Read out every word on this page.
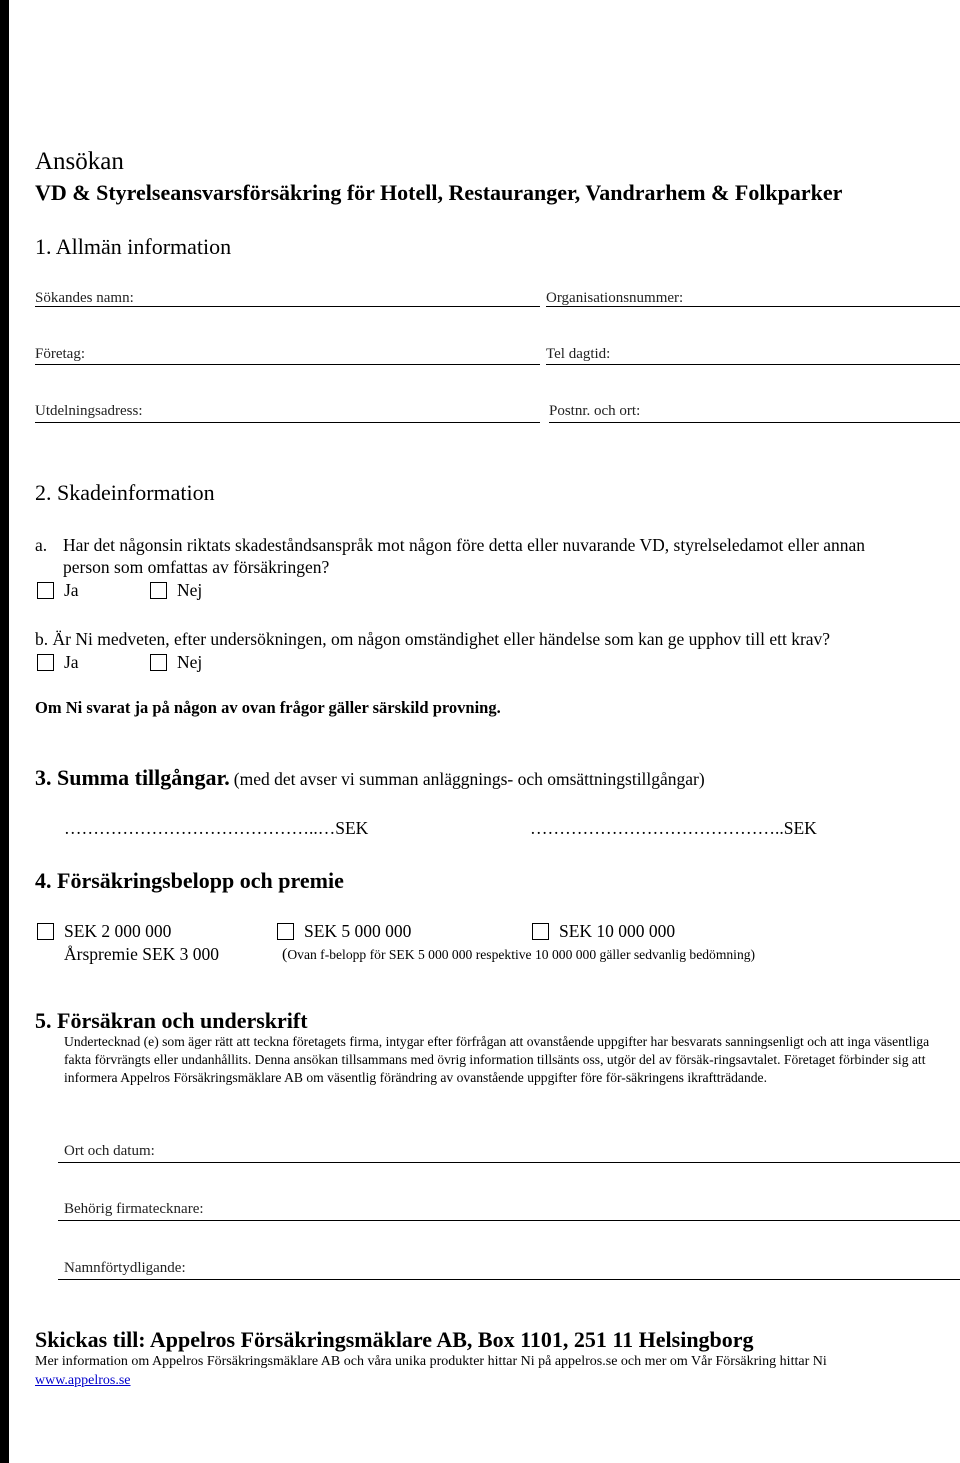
Ansökan
VD & Styrelseansvarsförsäkring för Hotell, Restauranger, Vandrarhem & Folkparker
1. Allmän information
Sökandes namn:	Organisationsnummer:
Företag:	Tel dagtid:
Utdelningsadress:	Postnr. och ort:
2. Skadeinformation
a. Har det någonsin riktats skadeståndsanspråk mot någon före detta eller nuvarande VD, styrelseledamot eller annan
person som omfattas av försäkringen?
Ja	Nej
b. Är Ni medveten, efter undersökningen, om någon omständighet eller händelse som kan ge upphov till ett krav?
Ja	Nej
Om Ni svarat ja på någon av ovan frågor gäller särskild provning.
3. Summa tillgångar. (med det avser vi summan anläggnings- och omsättningstillgångar)
……………………………………..…SEK	……………………………………..SEK
4. Försäkringsbelopp och premie
SEK 2 000 000	SEK 5 000 000	SEK 10 000 000
Årspremie SEK 3 000	(Ovan f-belopp för SEK 5 000 000 respektive 10 000 000 gäller sedvanlig bedömning)
5. Försäkran och underskrift
Undertecknad (e) som äger rätt att teckna företagets firma, intygar efter förfrågan att ovanstående uppgifter har besvarats sanningsenligt och att inga väsentliga fakta förvrängts eller undanhållits. Denna ansökan tillsammans med övrig information tillsänts oss, utgör del av försäk-ringsavtalet. Företaget förbinder sig att informera Appelros Försäkringsmäklare AB om väsentlig förändring av ovanstående uppgifter före för-säkringens ikraftträdande.
Ort och datum:
Behörig firmatecknare:
Namnförtydligande:
Skickas till: Appelros Försäkringsmäklare AB, Box 1101, 251 11 Helsingborg
Mer information om Appelros Försäkringsmäklare AB och våra unika produkter hittar Ni på appelros.se och mer om Vår Försäkring hittar Ni
www.appelros.se
